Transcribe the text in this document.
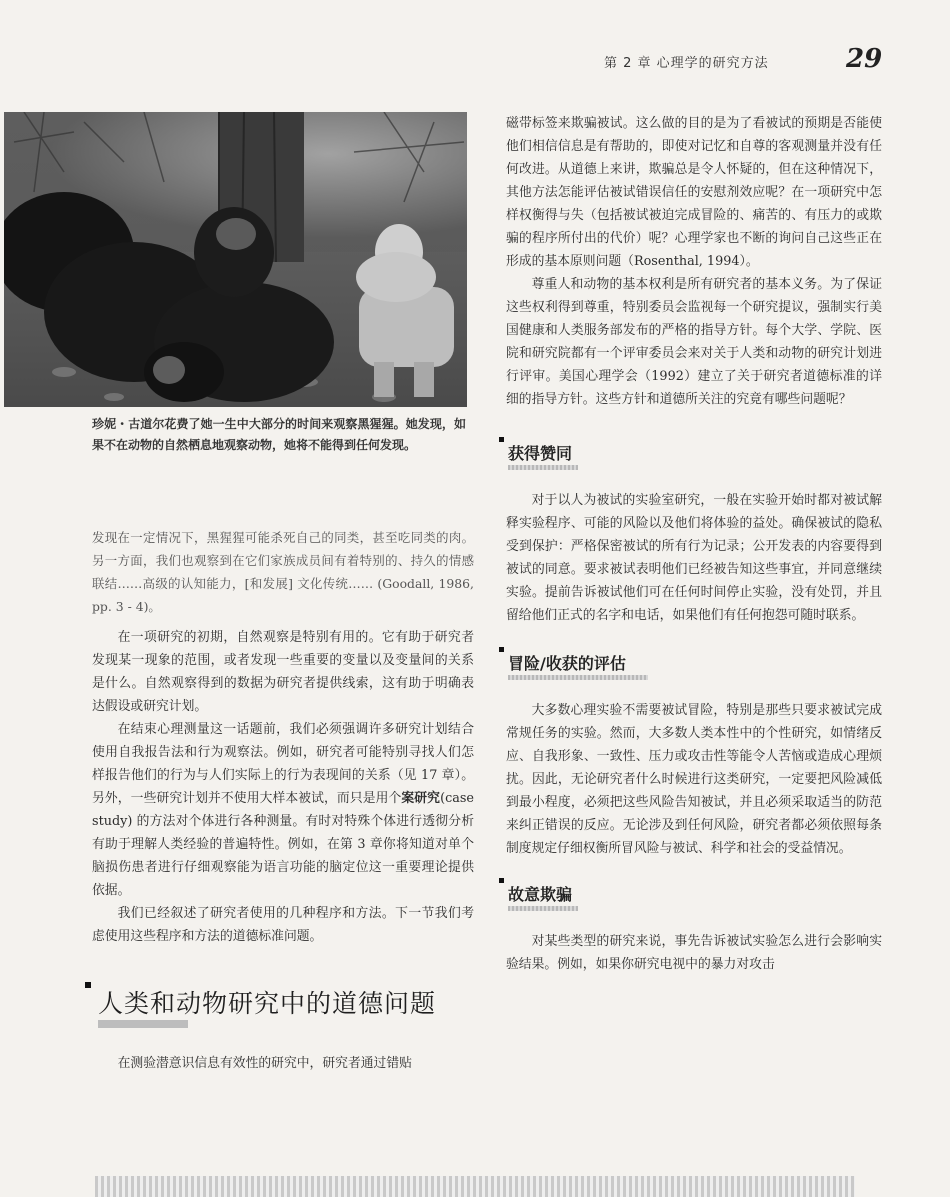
第 2 章 心理学的研究方法	29
珍妮・古道尔花费了她一生中大部分的时间来观察黑猩猩。她发现，如果不在动物的自然栖息地观察动物，她将不能得到任何发现。

发现在一定情况下，黑猩猩可能杀死自己的同类，甚至吃同类的肉。另一方面，我们也观察到在它们家族成员间有着特别的、持久的情感联结……高级的认知能力，[和发展] 文化传统…… (Goodall, 1986, pp. 3 - 4)。

在一项研究的初期，自然观察是特别有用的。它有助于研究者发现某一现象的范围，或者发现一些重要的变量以及变量间的关系是什么。自然观察得到的数据为研究者提供线索，这有助于明确表达假设或研究计划。

在结束心理测量这一话题前，我们必须强调许多研究计划结合使用自我报告法和行为观察法。例如，研究者可能特别寻找人们怎样报告他们的行为与人们实际上的行为表现间的关系（见 17 章）。另外，一些研究计划并不使用大样本被试，而只是用个案研究(case study) 的方法对个体进行各种测量。有时对特殊个体进行透彻分析有助于理解人类经验的普遍特性。例如，在第 3 章你将知道对单个脑损伤患者进行仔细观察能为语言功能的脑定位这一重要理论提供依据。

我们已经叙述了研究者使用的几种程序和方法。下一节我们考虑使用这些程序和方法的道德标准问题。

人类和动物研究中的道德问题

在测验潜意识信息有效性的研究中，研究者通过错贴

磁带标签来欺骗被试。这么做的目的是为了看被试的预期是否能使他们相信信息是有帮助的，即使对记忆和自尊的客观测量并没有任何改进。从道德上来讲，欺骗总是令人怀疑的，但在这种情况下，其他方法怎能评估被试错误信任的安慰剂效应呢？在一项研究中怎样权衡得与失（包括被试被迫完成冒险的、痛苦的、有压力的或欺骗的程序所付出的代价）呢？心理学家也不断的询问自己这些正在形成的基本原则问题（Rosenthal, 1994）。

尊重人和动物的基本权利是所有研究者的基本义务。为了保证这些权利得到尊重，特别委员会监视每一个研究提议，强制实行美国健康和人类服务部发布的严格的指导方针。每个大学、学院、医院和研究院都有一个评审委员会来对关于人类和动物的研究计划进行评审。美国心理学会（1992）建立了关于研究者道德标准的详细的指导方针。这些方针和道德所关注的究竟有哪些问题呢？

获得赞同

对于以人为被试的实验室研究，一般在实验开始时都对被试解释实验程序、可能的风险以及他们将体验的益处。确保被试的隐私受到保护：严格保密被试的所有行为记录；公开发表的内容要得到被试的同意。要求被试表明他们已经被告知这些事宜，并同意继续实验。提前告诉被试他们可在任何时间停止实验，没有处罚，并且留给他们正式的名字和电话，如果他们有任何抱怨可随时联系。

冒险/收获的评估

大多数心理实验不需要被试冒险，特别是那些只要求被试完成常规任务的实验。然而，大多数人类本性中的个性研究，如情绪反应、自我形象、一致性、压力或攻击性等能令人苦恼或造成心理烦扰。因此，无论研究者什么时候进行这类研究，一定要把风险减低到最小程度，必须把这些风险告知被试，并且必须采取适当的防范来纠正错误的反应。无论涉及到任何风险，研究者都必须依照每条制度规定仔细权衡所冒风险与被试、科学和社会的受益情况。

故意欺骗

对某些类型的研究来说，事先告诉被试实验怎么进行会影响实验结果。例如，如果你研究电视中的暴力对攻击
